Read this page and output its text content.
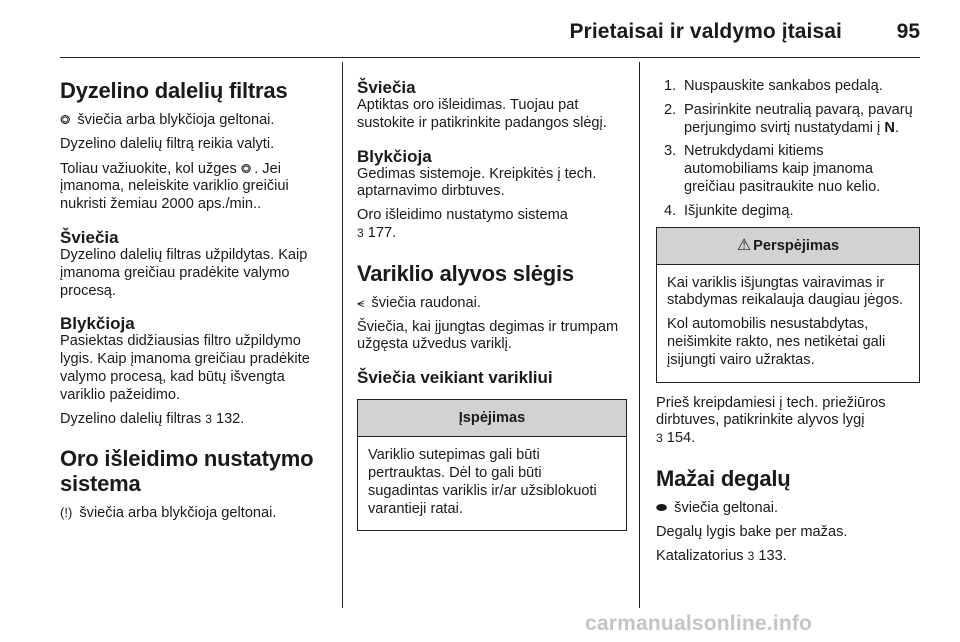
Prietaisai ir valdymo įtaisai	95
Dyzelino dalelių filtras

⭗ šviečia arba blykčioja geltonai.

Dyzelino dalelių filtrą reikia valyti.

Toliau važiuokite, kol užges ⭗ . Jei įmanoma, neleiskite variklio greičiui nukristi žemiau 2000 aps./min..

Šviečia

Dyzelino dalelių filtras užpildytas. Kaip įmanoma greičiau pradėkite valymo procesą.

Blykčioja

Pasiektas didžiausias filtro užpildymo lygis. Kaip įmanoma greičiau pradėkite valymo procesą, kad būtų išvengta variklio pažeidimo.

Dyzelino dalelių filtras 3 132.

Oro išleidimo nustatymo sistema

(!) šviečia arba blykčioja geltonai.

Šviečia

Aptiktas oro išleidimas. Tuojau pat sustokite ir patikrinkite padangos slėgį.

Blykčioja

Gedimas sistemoje. Kreipkitės į tech. aptarnavimo dirbtuves.

Oro išleidimo nustatymo sistema
3 177.

Variklio alyvos slėgis

⪪ šviečia raudonai.

Šviečia, kai įjungtas degimas ir trumpam užgęsta užvedus variklį.

Šviečia veikiant varikliui
Įspėjimas

Variklio sutepimas gali būti pertrauktas. Dėl to gali būti sugadintas variklis ir/ar užsiblokuoti varantieji ratai.

1. Nuspauskite sankabos pedalą.
2. Pasirinkite neutralią pavarą, pavarų perjungimo svirtį nustatydami į N.
3. Netrukdydami kitiems automobiliams kaip įmanoma greičiau pasitraukite nuo kelio.
4. Išjunkite degimą.
⚠ Perspėjimas

Kai variklis išjungtas vairavimas ir stabdymas reikalauja daugiau jėgos.

Kol automobilis nesustabdytas, neišimkite rakto, nes netikėtai gali įsijungti vairo užraktas.

Prieš kreipdamiesi į tech. priežiūros dirbtuves, patikrinkite alyvos lygį
3 154.

Mažai degalų

⬬ šviečia geltonai.

Degalų lygis bake per mažas.

Katalizatorius 3 133.

carmanualsonline.info
